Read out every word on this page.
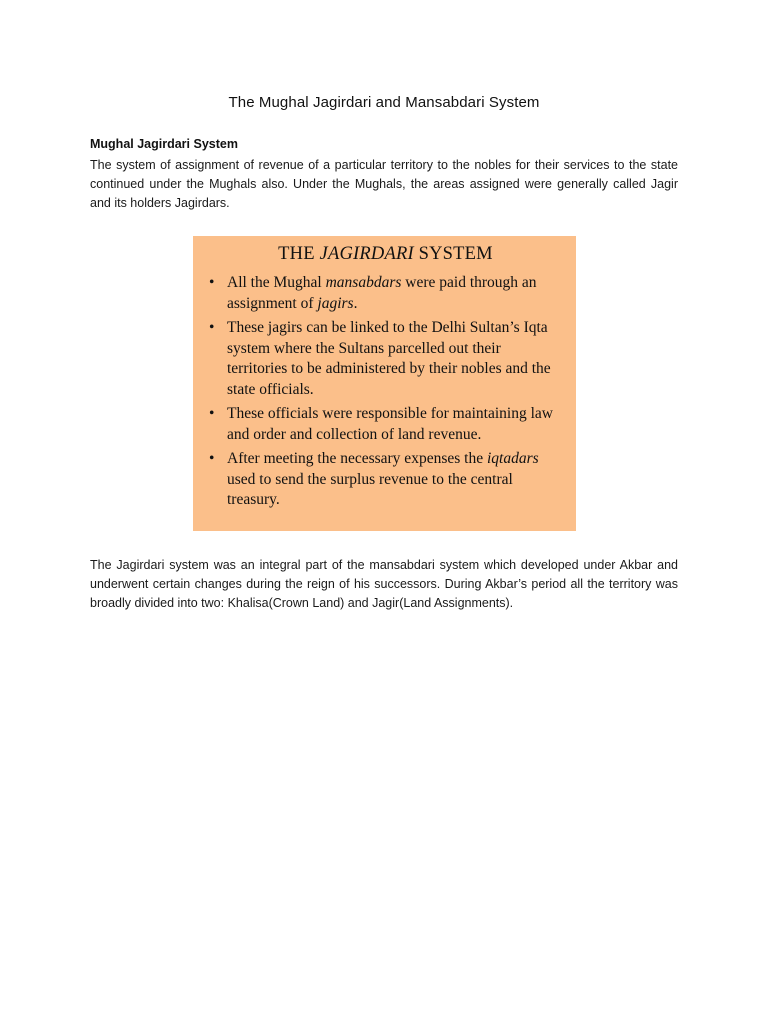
The Mughal Jagirdari and Mansabdari System
Mughal Jagirdari System
The system of assignment of revenue of a particular territory to the nobles for their services to the state continued under the Mughals also. Under the Mughals, the areas assigned were generally called Jagir and its holders Jagirdars.
THE JAGIRDARI SYSTEM
• All the Mughal mansabdars were paid through an assignment of jagirs.
• These jagirs can be linked to the Delhi Sultan’s Iqta system where the Sultans parcelled out their territories to be administered by their nobles and the state officials.
• These officials were responsible for maintaining law and order and collection of land revenue.
• After meeting the necessary expenses the iqtadars used to send the surplus revenue to the central treasury.
The Jagirdari system was an integral part of the mansabdari system which developed under Akbar and underwent certain changes during the reign of his successors. During Akbar’s period all the territory was broadly divided into two: Khalisa(Crown Land) and Jagir(Land Assignments).
